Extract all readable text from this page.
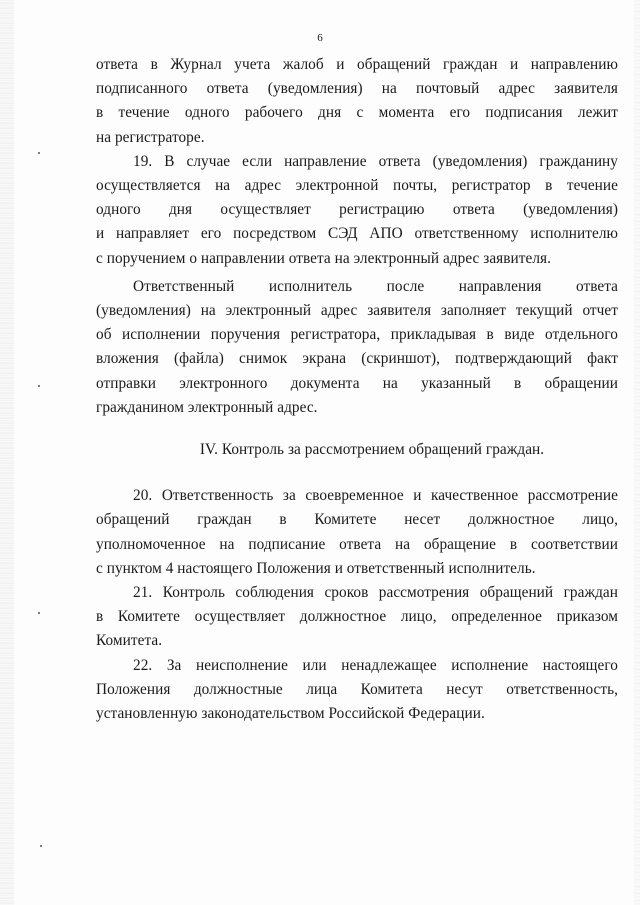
6
ответа в Журнал учета жалоб и обращений граждан и направлению
подписанного ответа (уведомления) на почтовый адрес заявителя
в течение одного рабочего дня с момента его подписания лежит
на регистраторе.
19. В случае если направление ответа (уведомления) гражданину
осуществляется на адрес электронной почты, регистратор в течение
одного дня осуществляет регистрацию ответа (уведомления)
и направляет его посредством СЭД АПО ответственному исполнителю
с поручением о направлении ответа на электронный адрес заявителя.
Ответственный исполнитель после направления ответа
(уведомления) на электронный адрес заявителя заполняет текущий отчет
об исполнении поручения регистратора, прикладывая в виде отдельного
вложения (файла) снимок экрана (скриншот), подтверждающий факт
отправки электронного документа на указанный в обращении
гражданином электронный адрес.
IV. Контроль за рассмотрением обращений граждан.
20. Ответственность за своевременное и качественное рассмотрение
обращений граждан в Комитете несет должностное лицо,
уполномоченное на подписание ответа на обращение в соответствии
с пунктом 4 настоящего Положения и ответственный исполнитель.
21. Контроль соблюдения сроков рассмотрения обращений граждан
в Комитете осуществляет должностное лицо, определенное приказом
Комитета.
22. За неисполнение или ненадлежащее исполнение настоящего
Положения должностные лица Комитета несут ответственность,
установленную законодательством Российской Федерации.
